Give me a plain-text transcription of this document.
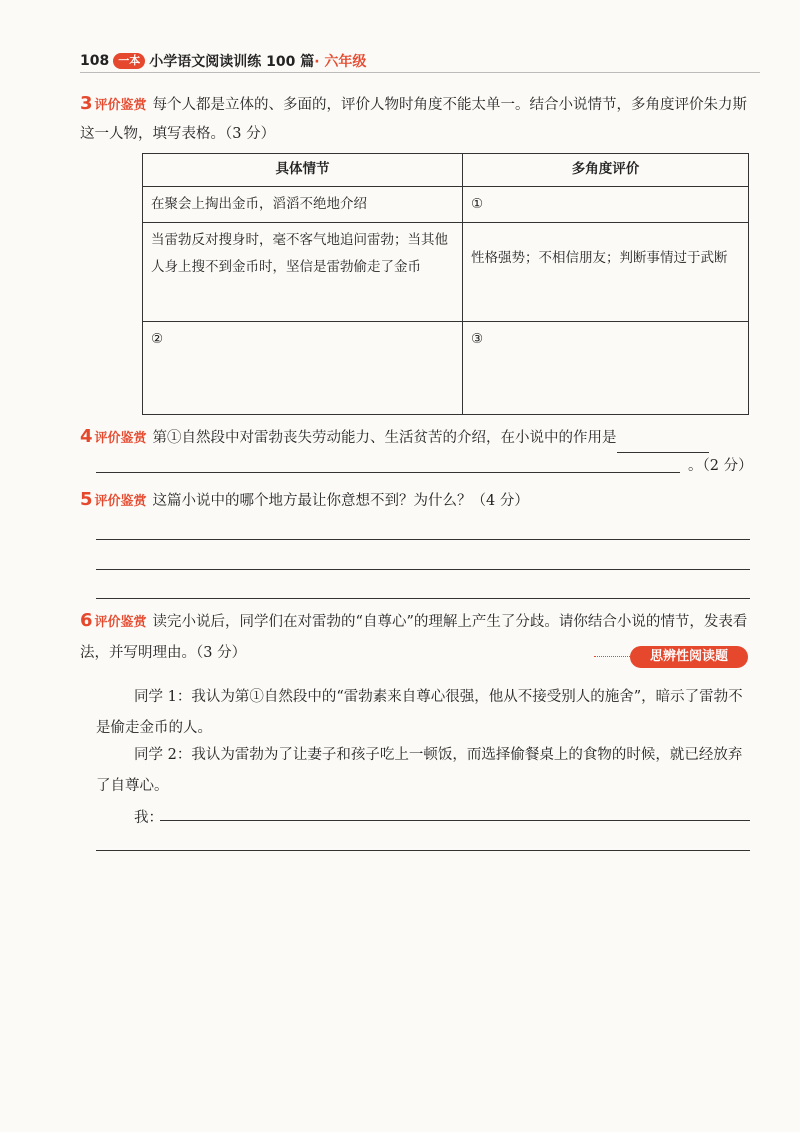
108 一本 小学语文阅读训练 100 篇 · 六年级
3 评价鉴赏 每个人都是立体的、多面的，评价人物时角度不能太单一。结合小说情节，多角度评价朱力斯这一人物，填写表格。（3 分）
具体情节	多角度评价
在聚会上掏出金币，滔滔不绝地介绍	①
当雷勃反对搜身时，毫不客气地追问雷勃；当其他人身上搜不到金币时，坚信是雷勃偷走了金币	性格强势；不相信朋友；判断事情过于武断
②	③
4 评价鉴赏 第①自然段中对雷勃丧失劳动能力、生活贫苦的介绍，在小说中的作用是
。（2 分）
5 评价鉴赏 这篇小说中的哪个地方最让你意想不到？为什么？（4 分）
6 评价鉴赏 读完小说后，同学们在对雷勃的“自尊心”的理解上产生了分歧。请你结合小说的情节，发表看法，并写明理由。（3 分）	思辨性阅读题
同学 1：我认为第①自然段中的“雷勃素来自尊心很强，他从不接受别人的施舍”，暗示了雷勃不是偷走金币的人。
同学 2：我认为雷勃为了让妻子和孩子吃上一顿饭，而选择偷餐桌上的食物的时候，就已经放弃了自尊心。
我：
